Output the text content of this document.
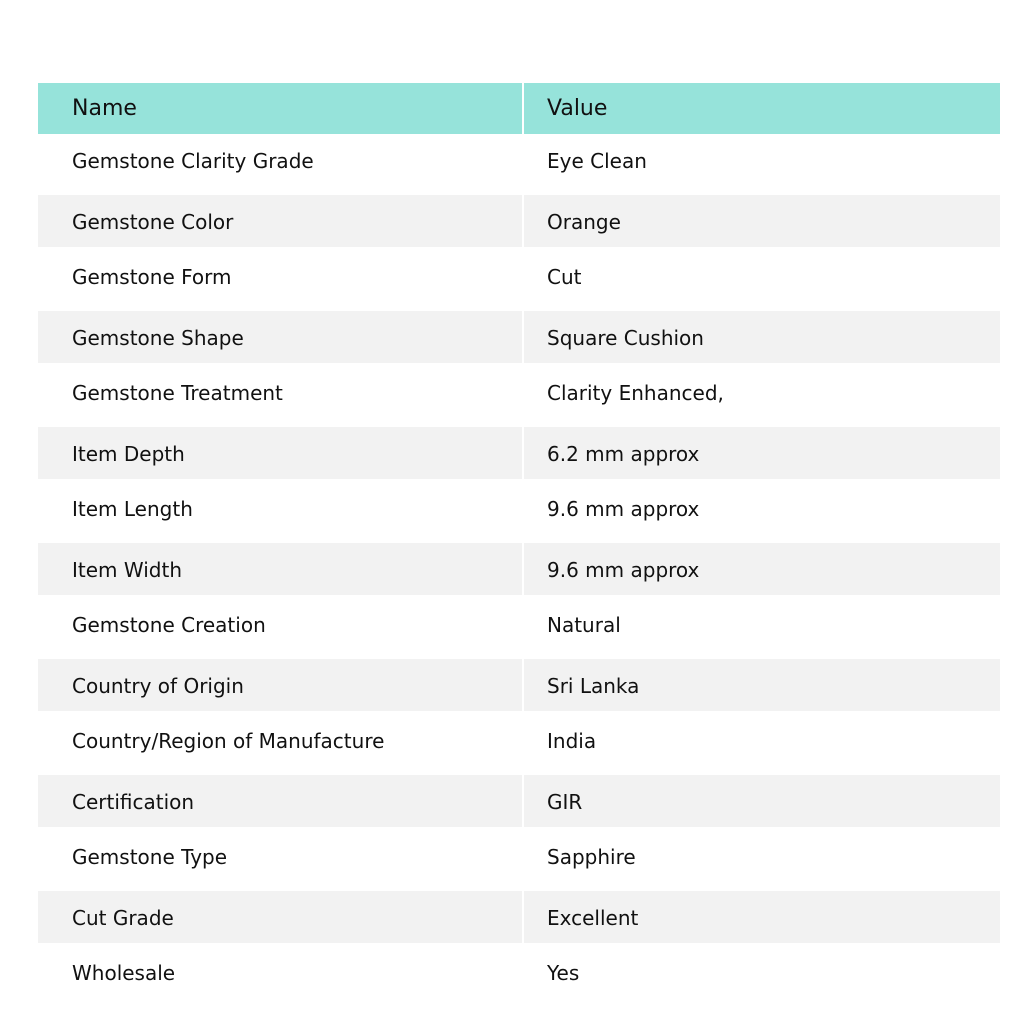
Name	Value
Gemstone Clarity Grade	Eye Clean
Gemstone Color	Orange
Gemstone Form	Cut
Gemstone Shape	Square Cushion
Gemstone Treatment	Clarity Enhanced,
Item Depth	6.2 mm approx
Item Length	9.6 mm approx
Item Width	9.6 mm approx
Gemstone Creation	Natural
Country of Origin	Sri Lanka
Country/Region of Manufacture	India
Certification	GIR
Gemstone Type	Sapphire
Cut Grade	Excellent
Wholesale	Yes
